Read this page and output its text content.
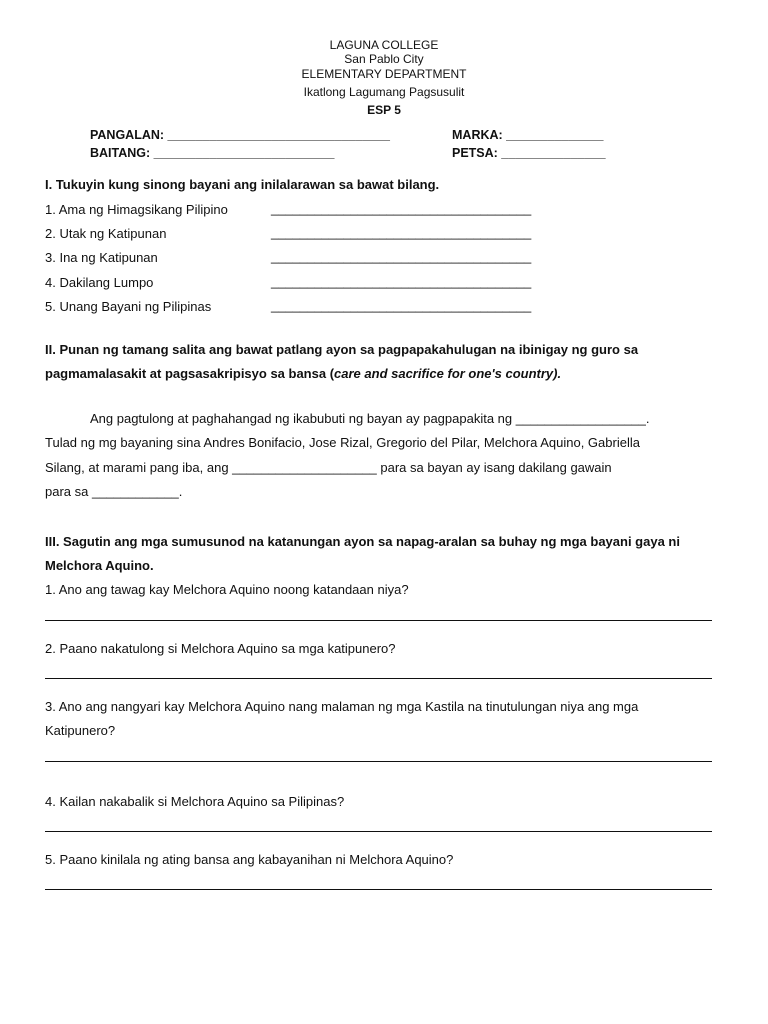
LAGUNA COLLEGE
San Pablo City
ELEMENTARY DEPARTMENT
Ikatlong Lagumang Pagsusulit
ESP 5
PANGALAN: ________________________________	MARKA: ______________
BAITANG: __________________________	PETSA: _______________
I. Tukuyin kung sinong bayani ang inilalarawan sa bawat bilang.
1. Ama ng Himagsikang Pilipino	____________________________________
2. Utak ng Katipunan	____________________________________
3. Ina ng Katipunan	____________________________________
4. Dakilang Lumpo	____________________________________
5. Unang Bayani ng Pilipinas	____________________________________
II. Punan ng tamang salita ang bawat patlang ayon sa pagpapakahulugan na ibinigay ng guro sa
pagmamalasakit at pagsasakripisyo sa bansa (care and sacrifice for one's country).
Ang pagtulong at paghahangad ng ikabubuti ng bayan ay pagpapakita ng __________________.
Tulad ng mg bayaning sina Andres Bonifacio, Jose Rizal, Gregorio del Pilar, Melchora Aquino, Gabriella
Silang, at marami pang iba, ang ____________________ para sa bayan ay isang dakilang gawain
para sa ____________.
III. Sagutin ang mga sumusunod na katanungan ayon sa napag-aralan sa buhay ng mga bayani gaya ni
Melchora Aquino.
1. Ano ang tawag kay Melchora Aquino noong katandaan niya?
2. Paano nakatulong si Melchora Aquino sa mga katipunero?
3. Ano ang nangyari kay Melchora Aquino nang malaman ng mga Kastila na tinutulungan niya ang mga
Katipunero?
4. Kailan nakabalik si Melchora Aquino sa Pilipinas?
5. Paano kinilala ng ating bansa ang kabayanihan ni Melchora Aquino?
